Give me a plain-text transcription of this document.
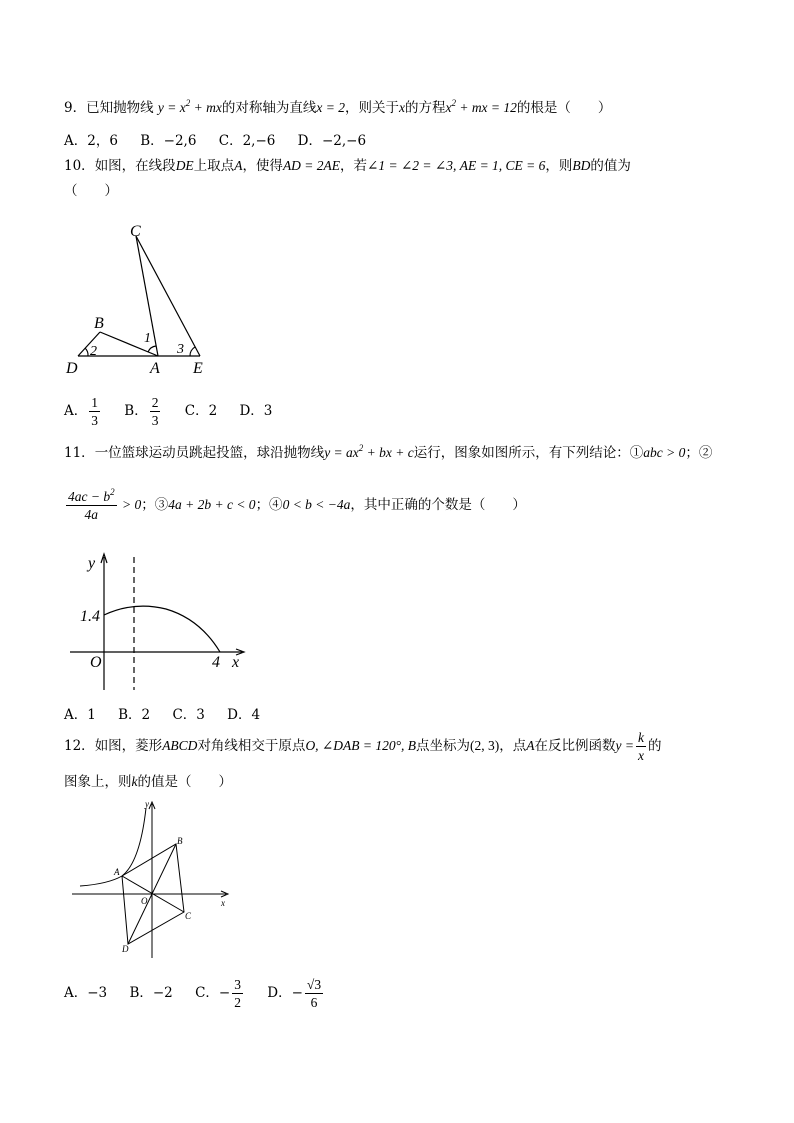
9．已知抛物线 $y = x^2$ + mx的对称轴为直线x = 2，则关于x的方程$x^2$ + mx = 12的根是（　　）
A．2，6 B．−2,6 C．2,−6 D．−2,−6
10．如图，在线段DE上取点A，使得AD = 2AE，若∠1 = ∠2 = ∠3, AE = 1, CE = 6，则BD的值为
（　　）
C
B
D	A E
1
2	3
A． $\frac{1}{3}$ B． $\frac{2}{3}$ C．2 D．3
11．一位篮球运动员跳起投篮，球沿抛物线$y = ax^2$ + bx + c运行，图象如图所示，有下列结论：①abc > 0；②
$\frac{4ac - b^2}{4a} > 0$；③4a + 2b + c < 0；④0 < b < −4a，其中正确的个数是（　　）
y
x
O
1.4
4
A．1 B．2 C．3 D．4
12．如图，菱形ABCD对角线相交于原点O, ∠DAB = 120°, B点坐标为(2, 3)，点A在反比例函数$y = \frac{k}{x}$ 的
图象上，则k的值是（　　）
y
x
A
B
C
D
O
A．−3 B．−2 C．− $\frac{3}{2}$ D．− $\frac{√3}{6}$
